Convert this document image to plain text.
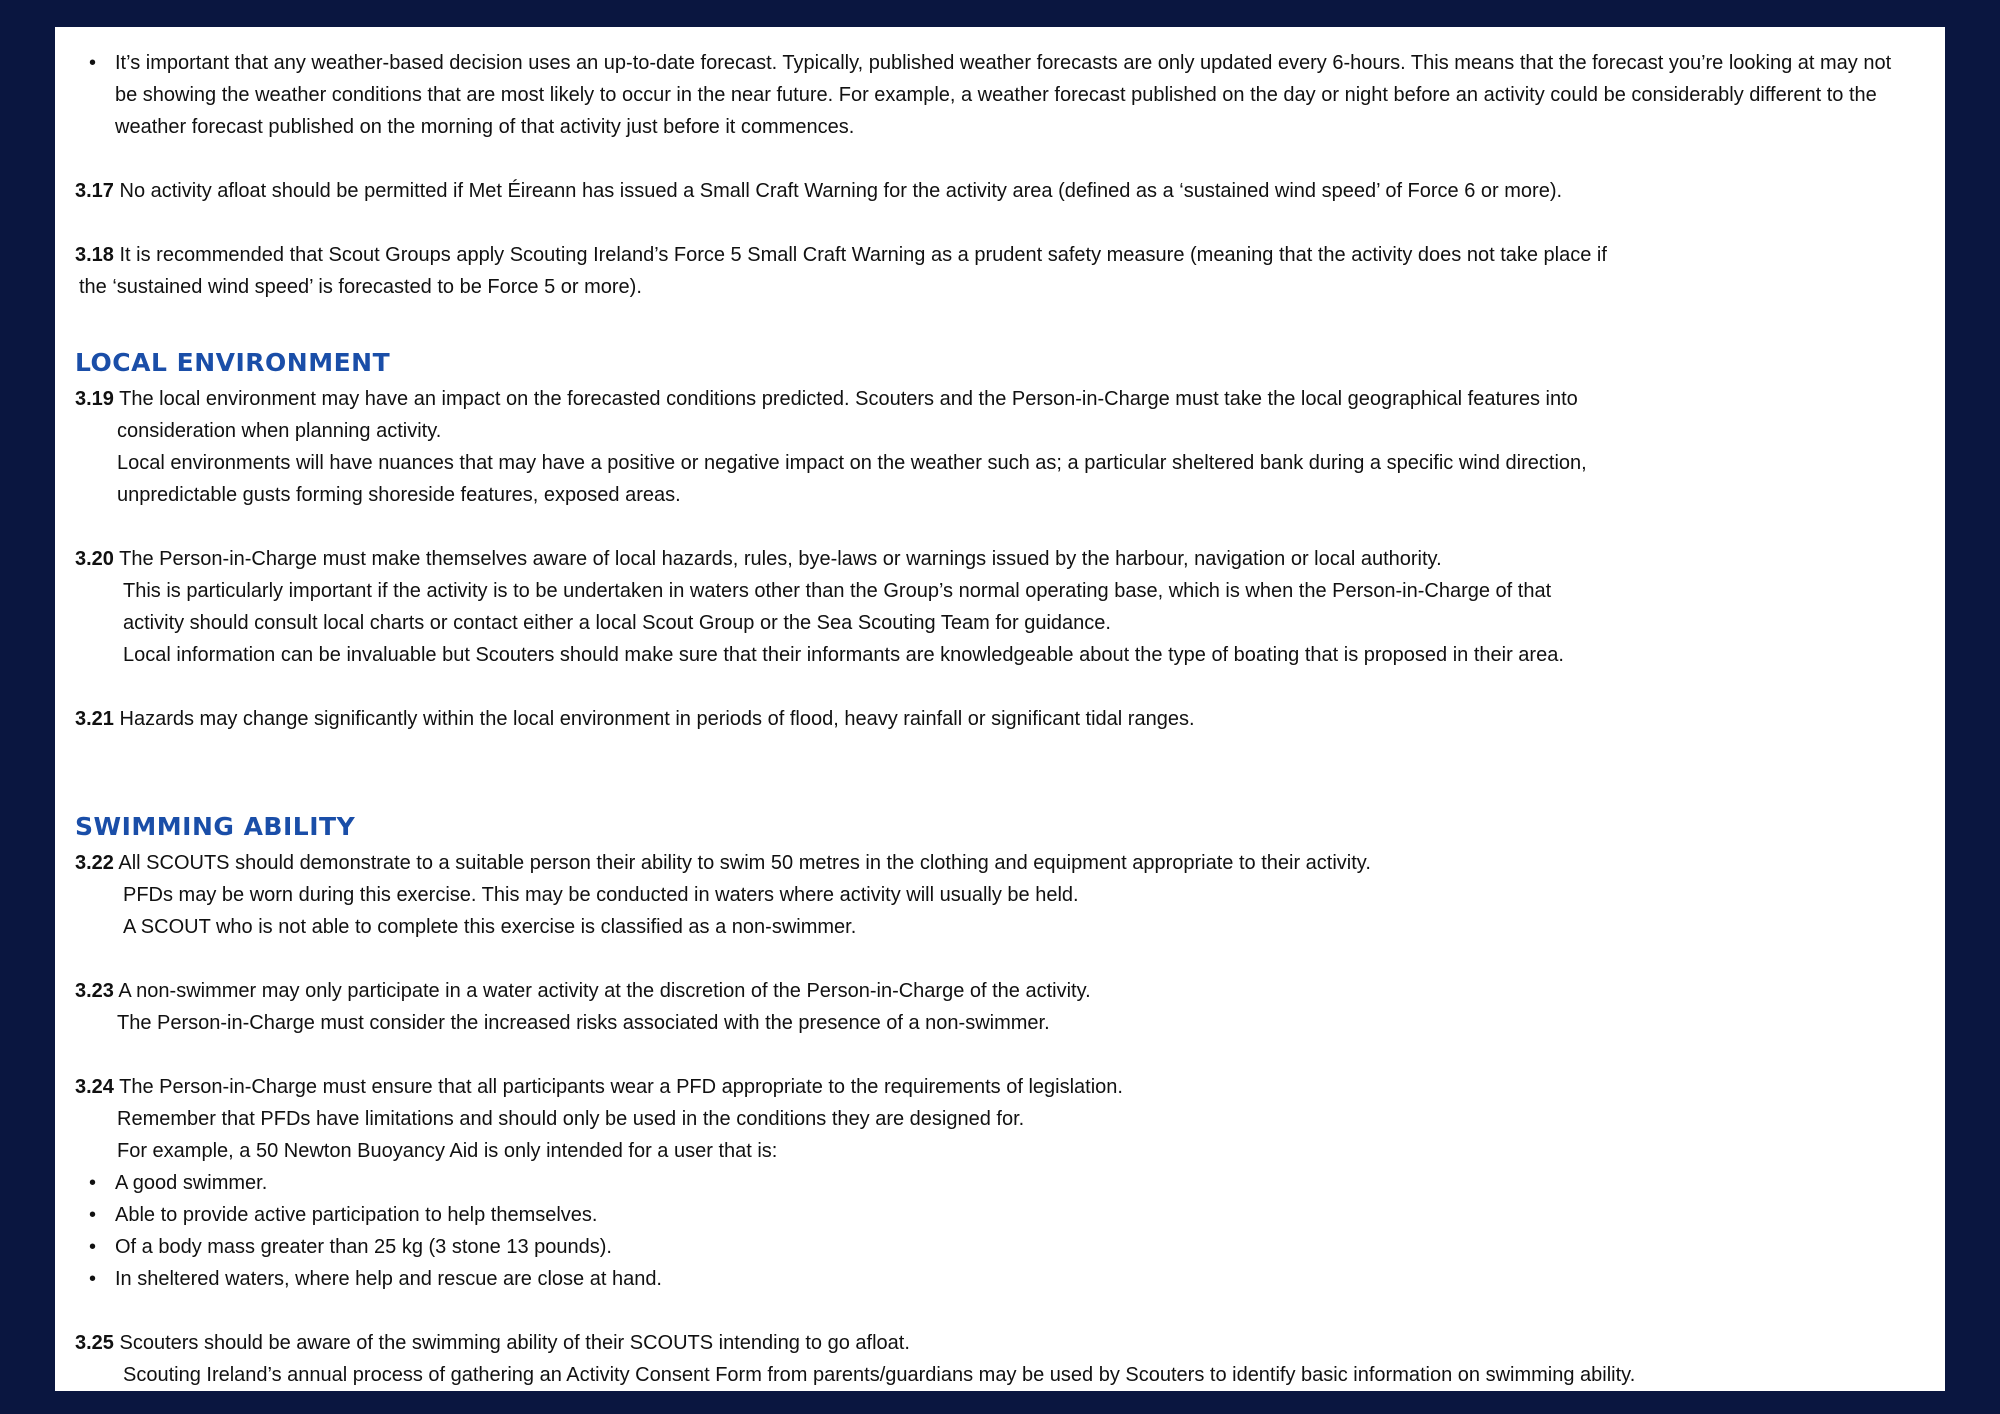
• It’s important that any weather-based decision uses an up-to-date forecast. Typically, published weather forecasts are only updated every 6-hours. This means that the forecast you’re looking at may not be showing the weather conditions that are most likely to occur in the near future. For example, a weather forecast published on the day or night before an activity could be considerably different to the weather forecast published on the morning of that activity just before it commences.

3.17 No activity afloat should be permitted if Met Éireann has issued a Small Craft Warning for the activity area (defined as a ‘sustained wind speed’ of Force 6 or more).

3.18 It is recommended that Scout Groups apply Scouting Ireland’s Force 5 Small Craft Warning as a prudent safety measure (meaning that the activity does not take place if

the ‘sustained wind speed’ is forecasted to be Force 5 or more).

LOCAL ENVIRONMENT

3.19 The local environment may have an impact on the forecasted conditions predicted. Scouters and the Person-in-Charge must take the local geographical features into

consideration when planning activity.

Local environments will have nuances that may have a positive or negative impact on the weather such as; a particular sheltered bank during a specific wind direction,

unpredictable gusts forming shoreside features, exposed areas.

3.20 The Person-in-Charge must make themselves aware of local hazards, rules, bye-laws or warnings issued by the harbour, navigation or local authority.

This is particularly important if the activity is to be undertaken in waters other than the Group’s normal operating base, which is when the Person-in-Charge of that

activity should consult local charts or contact either a local Scout Group or the Sea Scouting Team for guidance.

Local information can be invaluable but Scouters should make sure that their informants are knowledgeable about the type of boating that is proposed in their area.

3.21 Hazards may change significantly within the local environment in periods of flood, heavy rainfall or significant tidal ranges.

SWIMMING ABILITY

3.22 All SCOUTS should demonstrate to a suitable person their ability to swim 50 metres in the clothing and equipment appropriate to their activity.

PFDs may be worn during this exercise. This may be conducted in waters where activity will usually be held.

A SCOUT who is not able to complete this exercise is classified as a non-swimmer.

3.23 A non-swimmer may only participate in a water activity at the discretion of the Person-in-Charge of the activity.

The Person-in-Charge must consider the increased risks associated with the presence of a non-swimmer.

3.24 The Person-in-Charge must ensure that all participants wear a PFD appropriate to the requirements of legislation.

Remember that PFDs have limitations and should only be used in the conditions they are designed for.

For example, a 50 Newton Buoyancy Aid is only intended for a user that is:

• A good swimmer.
• Able to provide active participation to help themselves.
• Of a body mass greater than 25 kg (3 stone 13 pounds).
• In sheltered waters, where help and rescue are close at hand.

3.25 Scouters should be aware of the swimming ability of their SCOUTS intending to go afloat.

Scouting Ireland’s annual process of gathering an Activity Consent Form from parents/guardians may be used by Scouters to identify basic information on swimming ability.
